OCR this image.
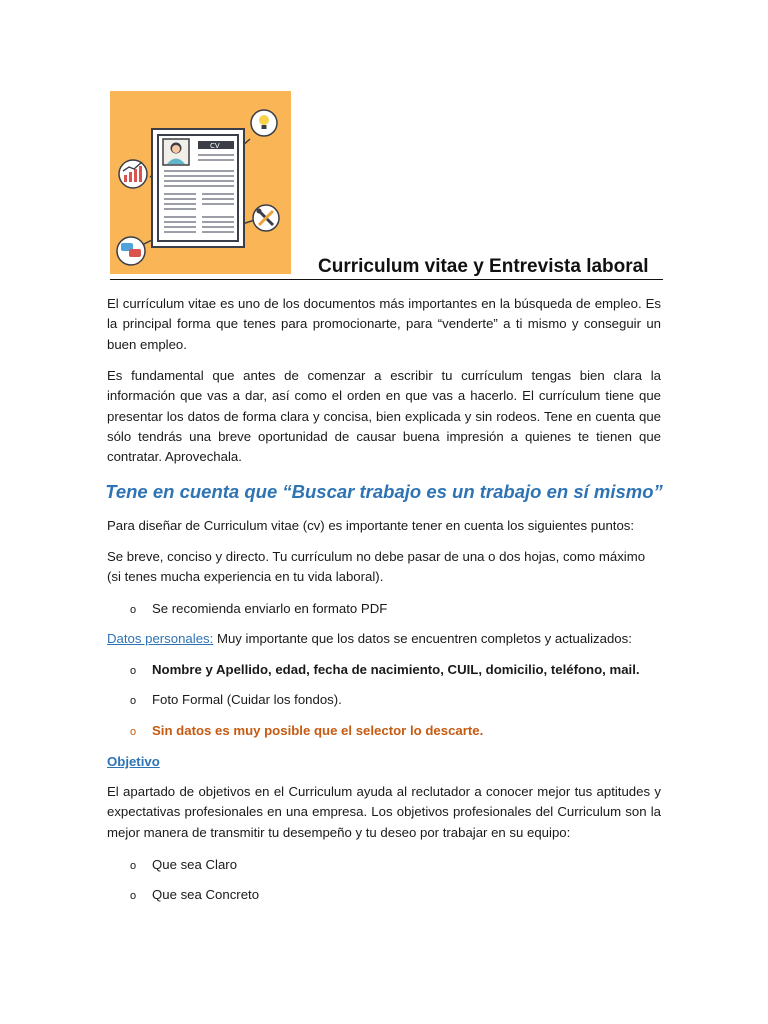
CV
Curriculum vitae y Entrevista laboral

El currículum vitae es uno de los documentos más importantes en la búsqueda de empleo. Es la principal forma que tenes para promocionarte, para “venderte” a ti mismo y conseguir un buen empleo.

Es fundamental que antes de comenzar a escribir tu currículum tengas bien clara la información que vas a dar, así como el orden en que vas a hacerlo. El currículum tiene que presentar los datos de forma clara y concisa, bien explicada y sin rodeos. Tene en cuenta que sólo tendrás una breve oportunidad de causar buena impresión a quienes te tienen que contratar. Aprovechala.

Tene en cuenta que “Buscar trabajo es un trabajo en sí mismo”

Para diseñar de Curriculum vitae (cv) es importante tener en cuenta los siguientes puntos:

Se breve, conciso y directo. Tu currículum no debe pasar de una o dos hojas, como máximo (si tenes mucha experiencia en tu vida laboral).

o Se recomienda enviarlo en formato PDF

Datos personales: Muy importante que los datos se encuentren completos y actualizados:

o Nombre y Apellido, edad, fecha de nacimiento, CUIL, domicilio, teléfono, mail.

o Foto Formal (Cuidar los fondos).

o Sin datos es muy posible que el selector lo descarte.

Objetivo

El apartado de objetivos en el Curriculum ayuda al reclutador a conocer mejor tus aptitudes y expectativas profesionales en una empresa. Los objetivos profesionales del Curriculum son la mejor manera de transmitir tu desempeño y tu deseo por trabajar en su equipo:

o Que sea Claro

o Que sea Concreto
